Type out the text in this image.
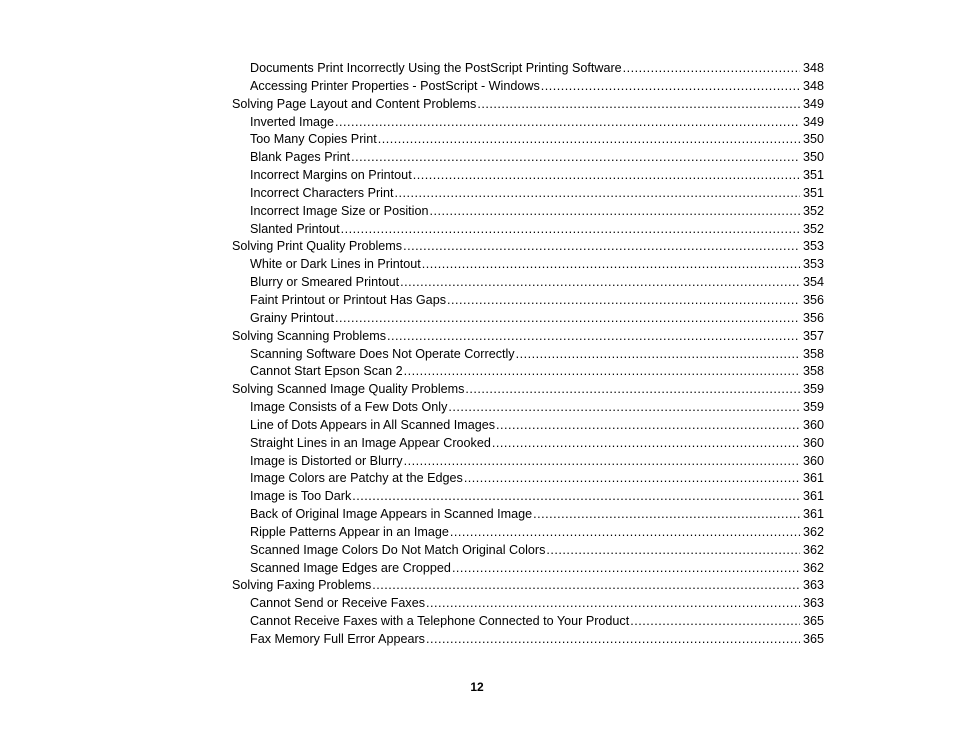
Documents Print Incorrectly Using the PostScript Printing Software .....	348
Accessing Printer Properties - PostScript - Windows .....	348
Solving Page Layout and Content Problems .....	349
Inverted Image .....	349
Too Many Copies Print .....	350
Blank Pages Print .....	350
Incorrect Margins on Printout .....	351
Incorrect Characters Print .....	351
Incorrect Image Size or Position .....	352
Slanted Printout .....	352
Solving Print Quality Problems .....	353
White or Dark Lines in Printout .....	353
Blurry or Smeared Printout .....	354
Faint Printout or Printout Has Gaps .....	356
Grainy Printout .....	356
Solving Scanning Problems .....	357
Scanning Software Does Not Operate Correctly .....	358
Cannot Start Epson Scan 2 .....	358
Solving Scanned Image Quality Problems .....	359
Image Consists of a Few Dots Only .....	359
Line of Dots Appears in All Scanned Images .....	360
Straight Lines in an Image Appear Crooked .....	360
Image is Distorted or Blurry .....	360
Image Colors are Patchy at the Edges .....	361
Image is Too Dark .....	361
Back of Original Image Appears in Scanned Image .....	361
Ripple Patterns Appear in an Image .....	362
Scanned Image Colors Do Not Match Original Colors .....	362
Scanned Image Edges are Cropped .....	362
Solving Faxing Problems .....	363
Cannot Send or Receive Faxes .....	363
Cannot Receive Faxes with a Telephone Connected to Your Product .....	365
Fax Memory Full Error Appears .....	365
12
